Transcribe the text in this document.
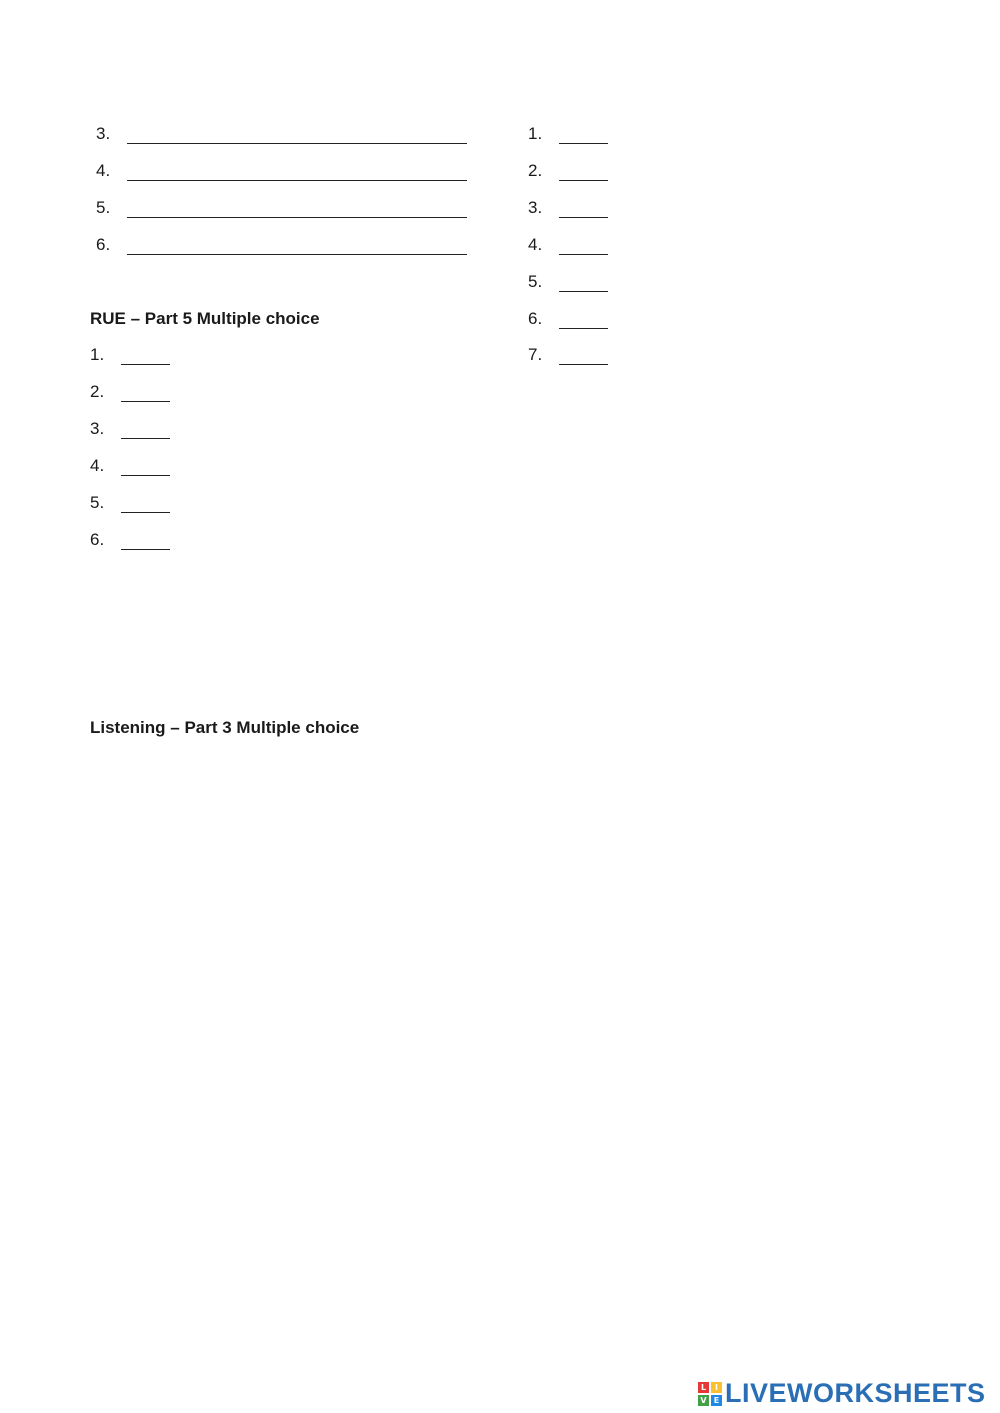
3.
4.
5.
6.
RUE – Part 5 Multiple choice
1.
2.
3.
4.
5.
6.
1.
2.
3.
4.
5.
6.
7.
Listening – Part 3 Multiple choice
L	I
V E LIVEWORKSHEETS
